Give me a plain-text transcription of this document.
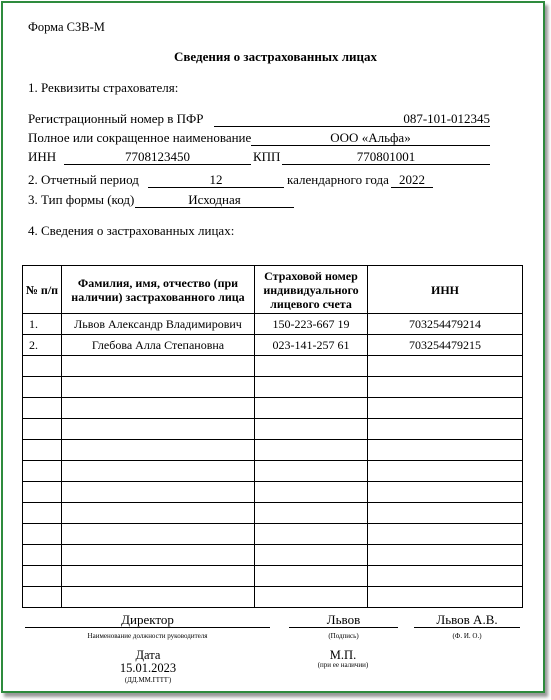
Форма СЗВ-М
Сведения о застрахованных лицах
1. Реквизиты страхователя:
Регистрационный номер в ПФР	087-101-012345
Полное или сокращенное наименование	ООО «Альфа»
ИНН	7708123450	КПП	770801001
2. Отчетный период	12	календарного года 2022
3. Тип формы (код)	Исходная
4. Сведения о застрахованных лицах:
№ п/п	Фамилия, имя, отчество (при наличии) застрахованного лица	Страховой номер индивидуального лицевого счета	ИНН
1.	Львов Александр Владимирович	150-223-667 19	703254479214
2.	Глебова Алла Степановна	023-141-257 61	703254479215

Директор
Наименование должности руководителя
Львов
(Подпись)
Львов А.В.
(Ф. И. О.)
Дата
15.01.2023
(ДД.ММ.ГГГГ)
М.П.
(при ее наличии)
